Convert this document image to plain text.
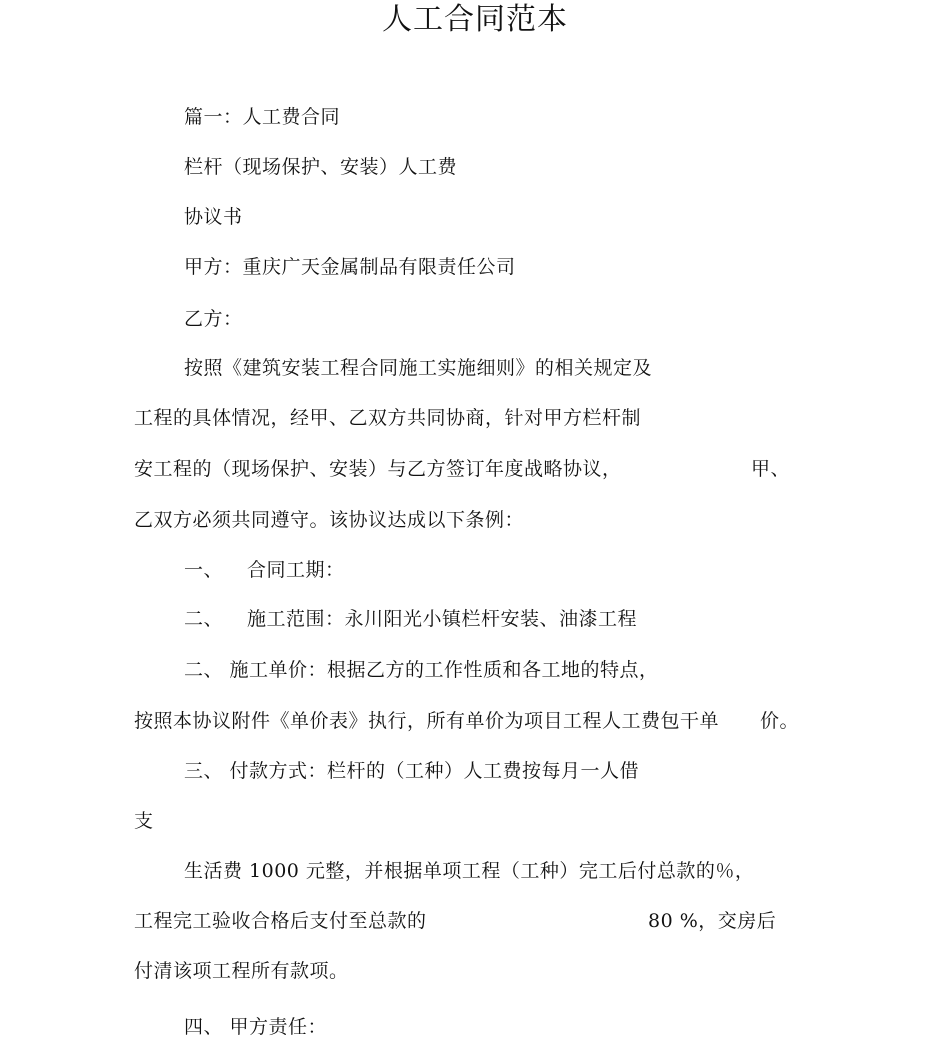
人工合同范本
篇一：人工费合同
栏杆（现场保护、安装）人工费
协议书
甲方：重庆广天金属制品有限责任公司
乙方：
按照《建筑安装工程合同施工实施细则》的相关规定及
工程的具体情况，经甲、乙双方共同协商，针对甲方栏杆制
安工程的（现场保护、安装）与乙方签订年度战略协议，	甲、
乙双方必须共同遵守。该协议达成以下条例：
一、 合同工期：
二、 施工范围：永川阳光小镇栏杆安装、油漆工程
二、 施工单价：根据乙方的工作性质和各工地的特点，
按照本协议附件《单价表》执行，所有单价为项目工程人工费包干单 价。
三、 付款方式：栏杆的（工种）人工费按每月一人借
支
生活费 1000 元整，并根据单项工程（工种）完工后付总款的％，
工程完工验收合格后支付至总款的	80 %，交房后
付清该项工程所有款项。
四、 甲方责任：
